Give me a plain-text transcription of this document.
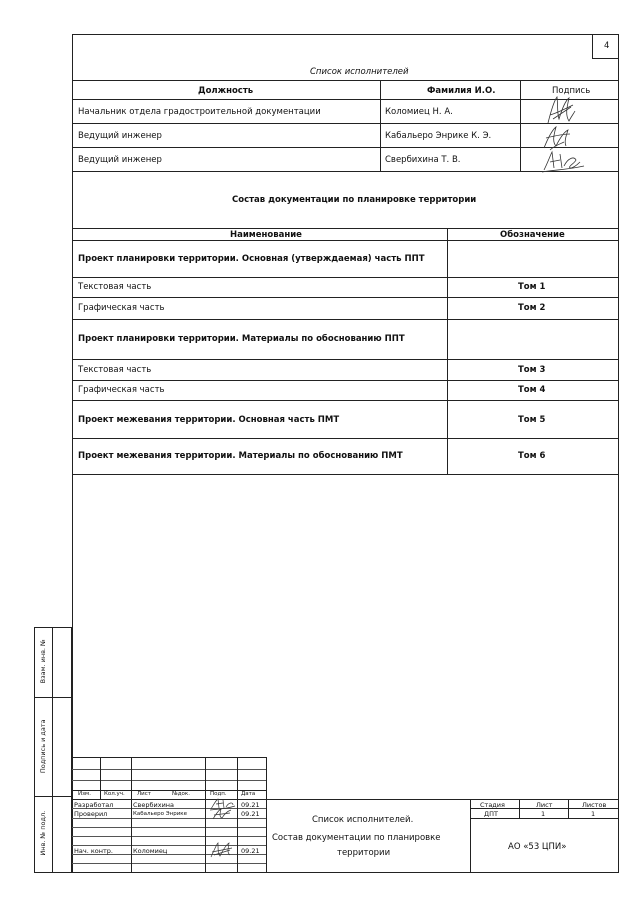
4
Список исполнителей
Должность	Фамилия И.О.	Подпись
Начальник отдела градостроительной документации	Коломиец Н. А.
Ведущий инженер	Кабальеро Энрике К. Э.
Ведущий инженер	Свербихина Т. В.
Состав документации по планировке территории
Наименование	Обозначение
Проект планировки территории. Основная (утверждаемая) часть ППТ
Текстовая часть	Том 1
Графическая часть	Том 2
Проект планировки территории. Материалы по обоснованию ППТ
Текстовая часть	Том 3
Графическая часть	Том 4
Проект межевания территории. Основная часть ПМТ	Том 5
Проект межевания территории. Материалы по обоснованию ПМТ	Том 6
Взам. инв. №
Подпись и дата
Инв. № подл.
Изм. Кол.уч. Лист	№док.	Подп.	Дата
Разработал	Свербихина	09.21
Проверил	Кабальеро Энрике	09.21
Нач. контр.	Коломиец	09.21
Список исполнителей.
Состав документации по планировке
территории
Стадия	Лист	Листов
ДПТ	1	1
АО «53 ЦПИ»
